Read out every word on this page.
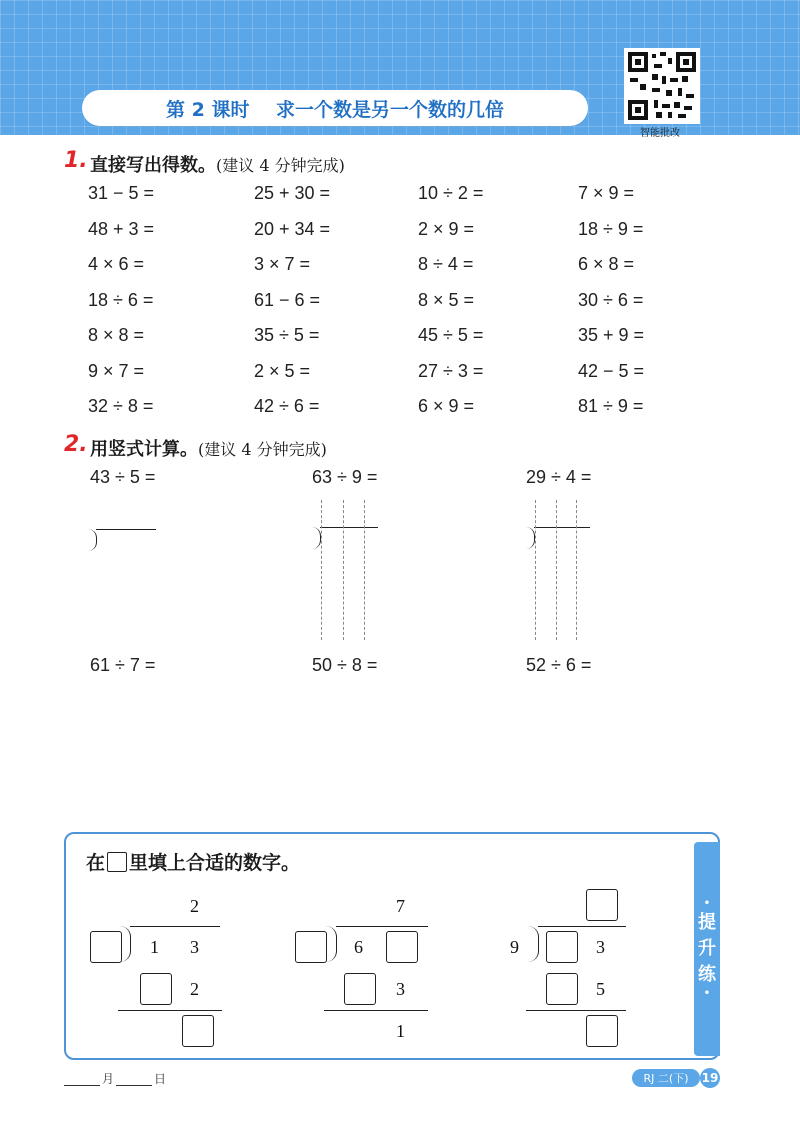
第 2 课时    求一个数是另一个数的几倍
智能批改
1. 直接写出得数。(建议 4 分钟完成)
31 − 5 =	25 + 30 =	10 ÷ 2 =	7 × 9 =
48 + 3 =	20 + 34 =	2 × 9 =	18 ÷ 9 =
4 × 6 =	3 × 7 =	8 ÷ 4 =	6 × 8 =
18 ÷ 6 =	61 − 6 =	8 × 5 =	30 ÷ 6 =
8 × 8 =	35 ÷ 5 =	45 ÷ 5 =	35 + 9 =
9 × 7 =	2 × 5 =	27 ÷ 3 =	42 − 5 =
32 ÷ 8 =	42 ÷ 6 =	6 × 9 =	81 ÷ 9 =
2. 用竖式计算。(建议 4 分钟完成)
43 ÷ 5 =	63 ÷ 9 =	29 ÷ 4 =
61 ÷ 7 =	50 ÷ 8 =	52 ÷ 6 =
•
提
升
练
•
在 里填上合适的数字。
2
1 3
2
7
6
3
1
9	3
5
月	日	RJ 二(下)	19
